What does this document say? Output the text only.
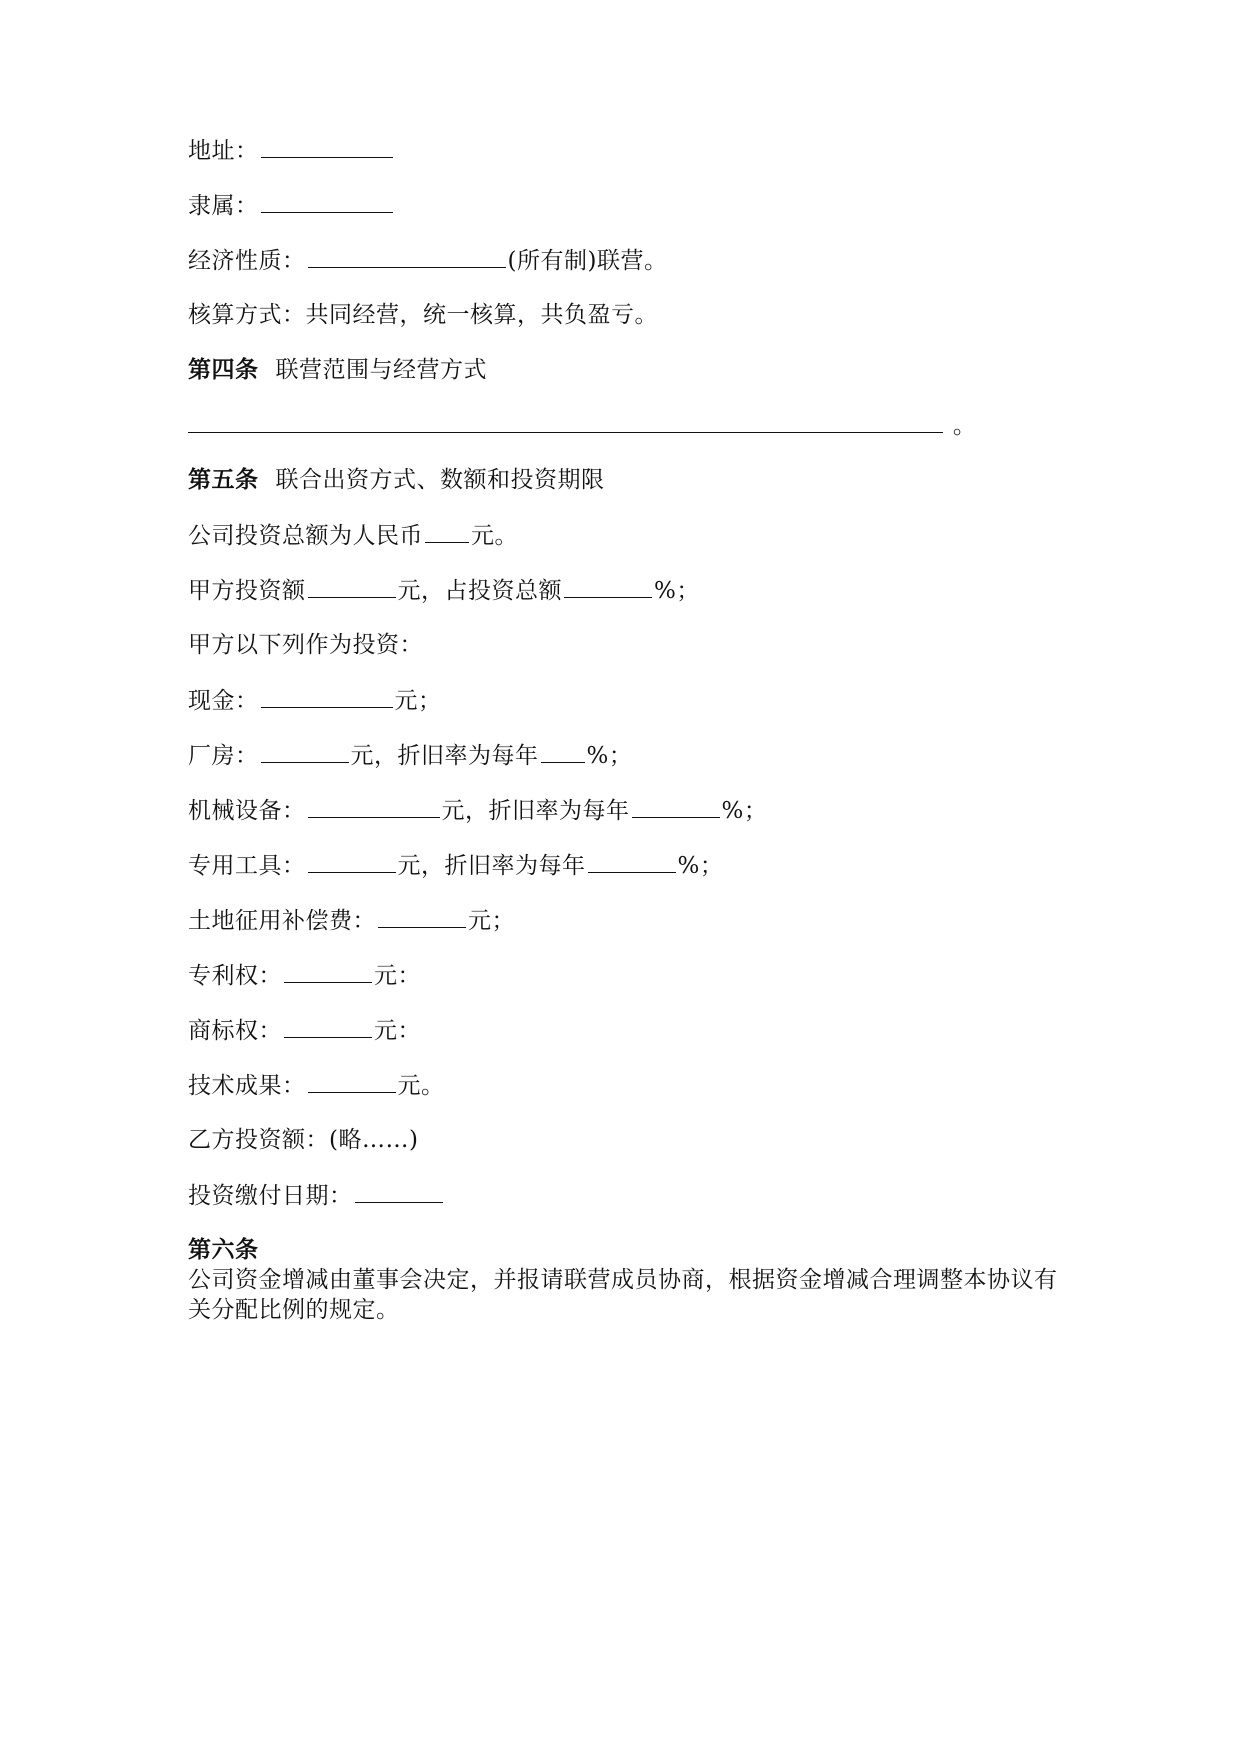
地址：
隶属：
经济性质：	(所有制)联营。
核算方式：共同经营，统一核算，共负盈亏。
第四条 联营范围与经营方式
。
第五条 联合出资方式、数额和投资期限
公司投资总额为人民币 元。
甲方投资额	元，占投资总额	%；
甲方以下列作为投资：
现金：	元；
厂房：	元，折旧率为每年 %；
机械设备：	元，折旧率为每年	%；
专用工具：	元，折旧率为每年	%；
土地征用补偿费：	元；
专利权：	元：
商标权：	元：
技术成果：	元。
乙方投资额：(略……)
投资缴付日期：
第六条
公司资金增减由董事会决定，并报请联营成员协商，根据资金增减合理调整本协议有关分配比例的规定。
